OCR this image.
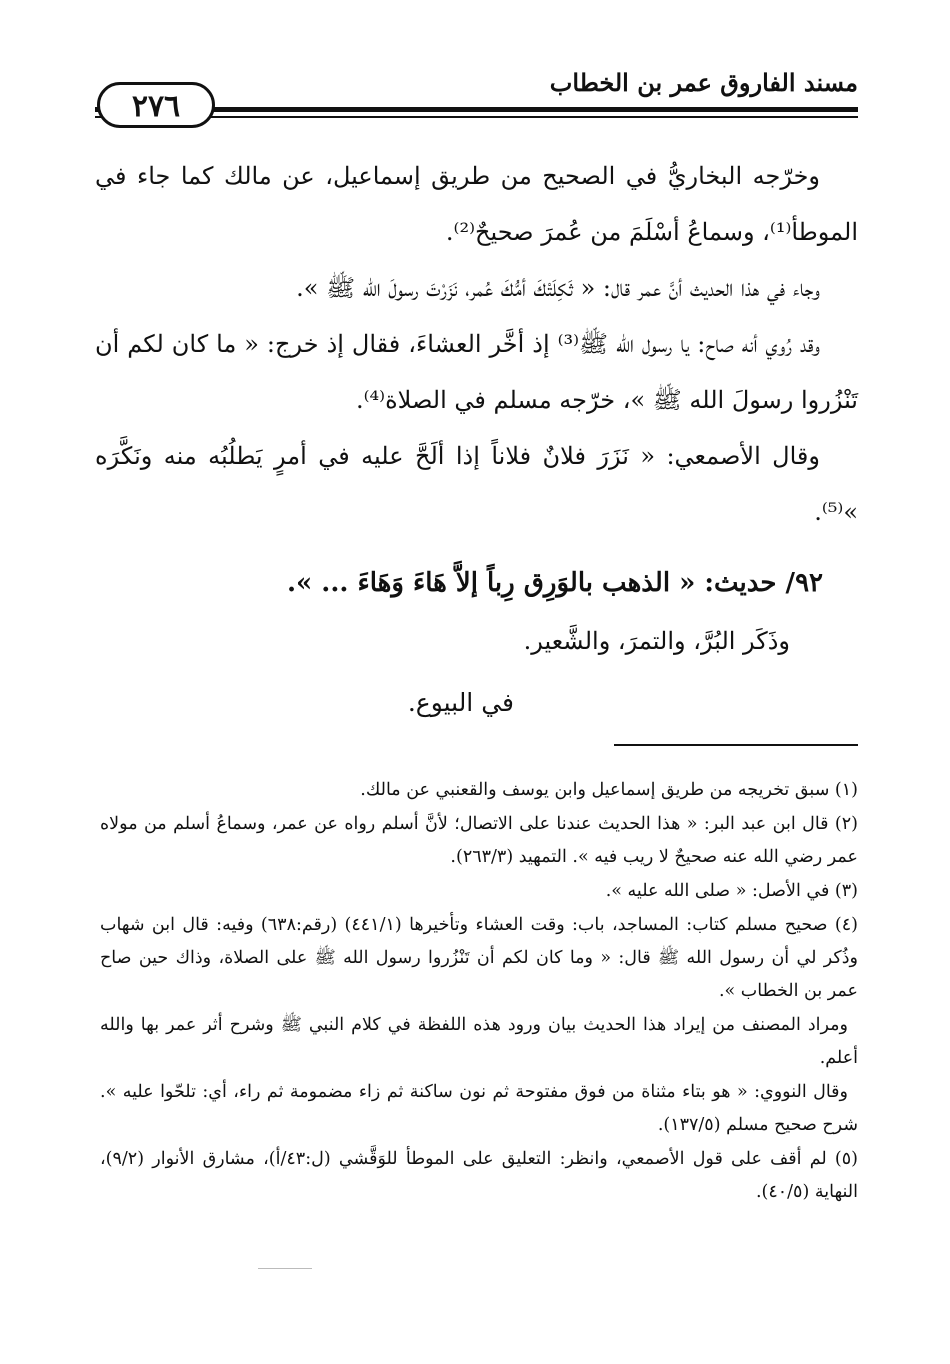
مسند الفاروق عمر بن الخطاب
٢٧٦

وخرّجه البخاريُّ في الصحيح من طريق إسماعيل، عن مالك كما جاء في الموطأ⁽¹⁾، وسماعُ أسْلَمَ من عُمرَ صحيحٌ⁽²⁾.

وجاء في هذا الحديث أنَّ عمر قال: « ثَكِلَتْكَ أمُّكَ عُمر، نَزَرْتَ رسولَ الله ﷺ ».

وقد رُوي أنه صاح: يا رسول الله ﷺ⁽³⁾ إذ أخَّر العشاءَ، فقال إذ خرج: « ما كان لكم أن تَنْزُروا رسولَ الله ﷺ »، خرّجه مسلم في الصلاة⁽⁴⁾.

وقال الأصمعي: « نَزَرَ فلانٌ فلاناً إذا ألَحَّ عليه في أمرٍ يَطلُبُه منه ونَكَّرَه »⁽⁵⁾.

٩٢/ حديث: « الذهب بالوَرِق رِباً إلاَّ هَاءَ وَهَاءَ ... ».
وذَكَر البُرَّ، والتمرَ، والشَّعير.
في البيوع.

(١) سبق تخريجه من طريق إسماعيل وابن يوسف والقعنبي عن مالك.

(٢) قال ابن عبد البر: « هذا الحديث عندنا على الاتصال؛ لأنَّ أسلم رواه عن عمر، وسماعُ أسلم من مولاه عمر رضي الله عنه صحيحٌ لا ريب فيه ». التمهيد (٢٦٣/٣).

(٣) في الأصل: « صلى الله عليه ».

(٤) صحيح مسلم كتاب: المساجد، باب: وقت العشاء وتأخيرها (٤٤١/١) (رقم:٦٣٨) وفيه: قال ابن شهاب وذُكر لي أن رسول الله ﷺ قال: « وما كان لكم أن تَنْزُروا رسول الله ﷺ على الصلاة، وذاك حين صاح عمر بن الخطاب ».

ومراد المصنف من إيراد هذا الحديث بيان ورود هذه اللفظة في كلام النبي ﷺ وشرح أثر عمر بها والله أعلم.

وقال النووي: « هو بتاء مثناة من فوق مفتوحة ثم نون ساكنة ثم زاء مضمومة ثم راء، أي: تلحّوا عليه ». شرح صحيح مسلم (١٣٧/٥).

(٥) لم أقف على قول الأصمعي، وانظر: التعليق على الموطأ للوَقَّشي (ل:٤٣/أ)، مشارق الأنوار (٩/٢)، النهاية (٤٠/٥).
